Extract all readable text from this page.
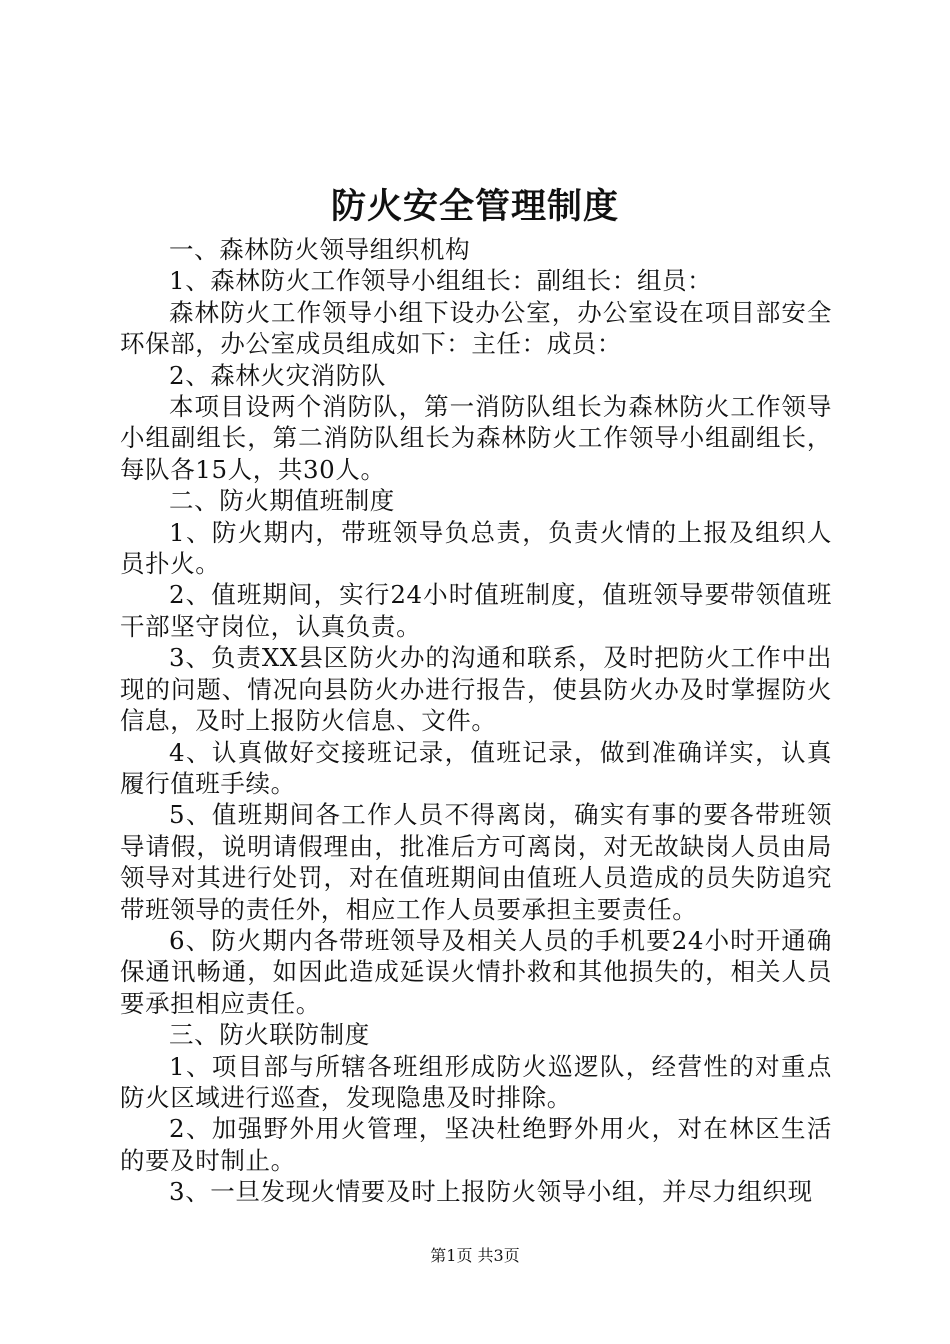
防火安全管理制度

一、森林防火领导组织机构

1、森林防火工作领导小组组长：副组长：组员：

森林防火工作领导小组下设办公室，办公室设在项目部安全环保部，办公室成员组成如下：主任：成员：

2、森林火灾消防队

本项目设两个消防队，第一消防队组长为森林防火工作领导小组副组长，第二消防队组长为森林防火工作领导小组副组长，每队各15人，共30人。

二、防火期值班制度

1、防火期内，带班领导负总责，负责火情的上报及组织人员扑火。

2、值班期间，实行24小时值班制度，值班领导要带领值班干部坚守岗位，认真负责。

3、负责XX县区防火办的沟通和联系，及时把防火工作中出现的问题、情况向县防火办进行报告，使县防火办及时掌握防火信息，及时上报防火信息、文件。

4、认真做好交接班记录，值班记录，做到准确详实，认真履行值班手续。

5、值班期间各工作人员不得离岗，确实有事的要各带班领导请假，说明请假理由，批准后方可离岗，对无故缺岗人员由局领导对其进行处罚，对在值班期间由值班人员造成的员失防追究带班领导的责任外，相应工作人员要承担主要责任。

6、防火期内各带班领导及相关人员的手机要24小时开通确保通讯畅通，如因此造成延误火情扑救和其他损失的，相关人员要承担相应责任。

三、防火联防制度

1、项目部与所辖各班组形成防火巡逻队，经营性的对重点防火区域进行巡查，发现隐患及时排除。

2、加强野外用火管理，坚决杜绝野外用火，对在林区生活的要及时制止。

3、一旦发现火情要及时上报防火领导小组，并尽力组织现

第1页 共3页
